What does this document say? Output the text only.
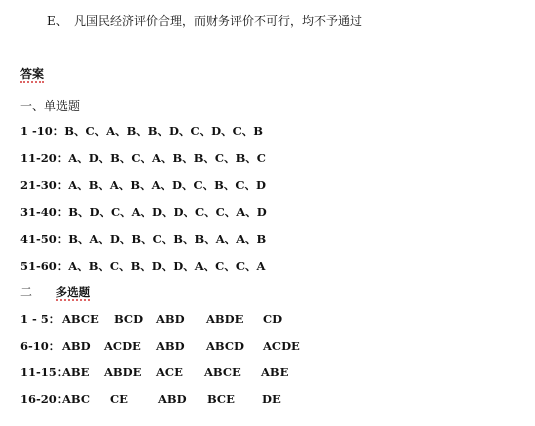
E、 凡国民经济评价合理，而财务评价不可行，均不予通过
答案
一、单选题
1 -10：B、C、A、B、B、D、C、D、C、B
11-20：A、D、B、C、A、B、B、C、B、C
21-30：A、B、A、B、A、D、C、B、C、D
31-40：B、D、C、A、D、D、C、C、A、D
41-50：B、A、D、B、C、B、B、A、A、B
51-60：A、B、C、B、D、D、A、C、C、A
二 多选题
1 - 5： ABCE BCD ABD ABDE CD
6-10： ABD ACDE ABD ABCD ACDE
11-15：
ABE ABDE ACE ABCE ABE
16-20：
ABC CE	ABD BCE DE
